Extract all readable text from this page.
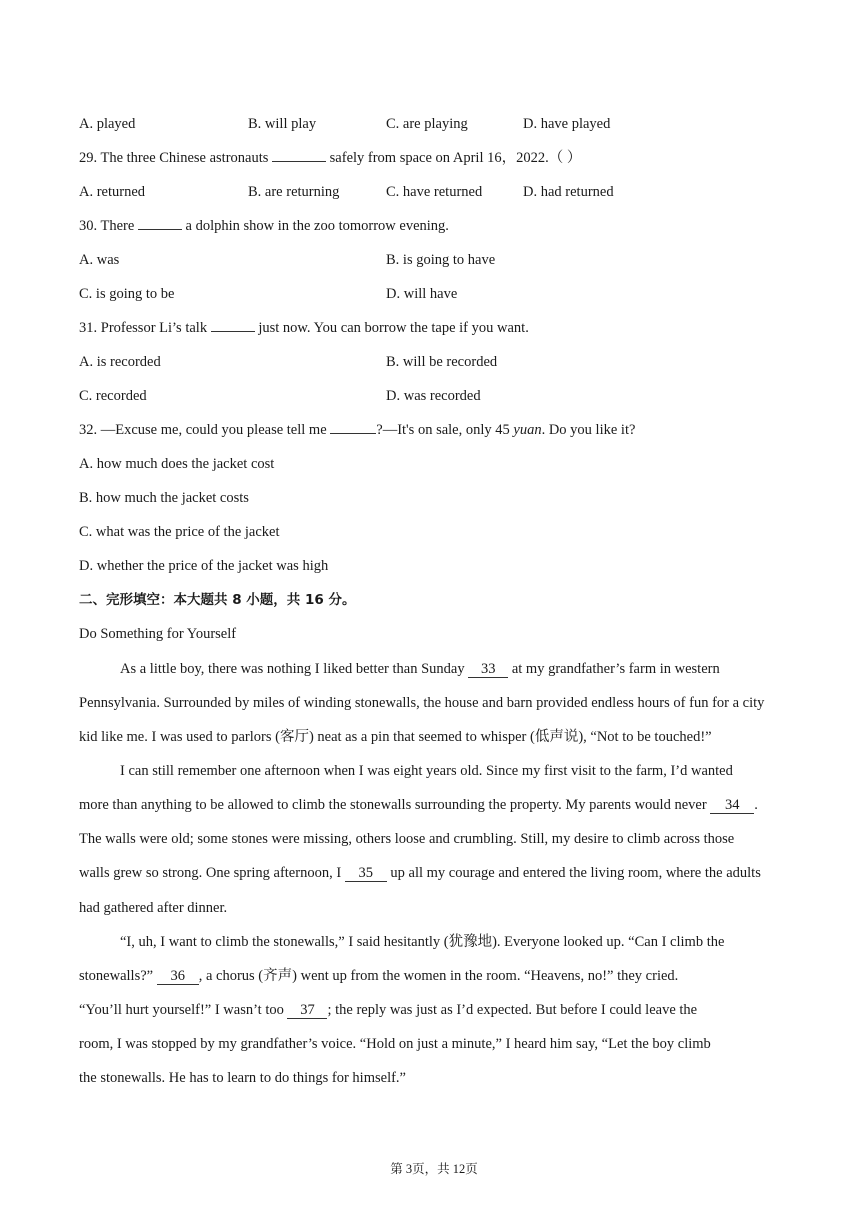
A. played	B. will play	C. are playing	D. have played
29. The three Chinese astronauts	safely from space on April 16，2022.（ ）
A. returned	B. are returning	C. have returned	D. had returned
30. There	a dolphin show in the zoo tomorrow evening.
A. was	B. is going to have
C. is going to be	D. will have
31. Professor Li’s talk	just now. You can borrow the tape if you want.
A. is recorded	B. will be recorded
C. recorded	D. was recorded
32. —Excuse me, could you please tell me	?—It's on sale, only 45 yuan. Do you like it?
A. how much does the jacket cost
B. how much the jacket costs
C. what was the price of the jacket
D. whether the price of the jacket was high
二、完形填空：本大题共 8 小题，共 16 分。
Do Something for Yourself
As a little boy, there was nothing I liked better than Sunday 33 at my grandfather’s farm in western
Pennsylvania. Surrounded by miles of winding stonewalls, the house and barn provided endless hours of fun for a city
kid like me. I was used to parlors (客厅) neat as a pin that seemed to whisper (低声说), “Not to be touched!”
I can still remember one afternoon when I was eight years old. Since my first visit to the farm, I’d wanted
more than anything to be allowed to climb the stonewalls surrounding the property. My parents would never 34 .
The walls were old; some stones were missing, others loose and crumbling. Still, my desire to climb across those
walls grew so strong. One spring afternoon, I 35 up all my courage and entered the living room, where the adults
had gathered after dinner.
“I, uh, I want to climb the stonewalls,” I said hesitantly (犹豫地). Everyone looked up. “Can I climb the
stonewalls?” 36 , a chorus (齐声) went up from the women in the room. “Heavens, no!” they cried.
“You’ll hurt yourself!” I wasn’t too 37 ; the reply was just as I’d expected. But before I could leave the
room, I was stopped by my grandfather’s voice. “Hold on just a minute,” I heard him say, “Let the boy climb
the stonewalls. He has to learn to do things for himself.”
第 3页，共 12页
